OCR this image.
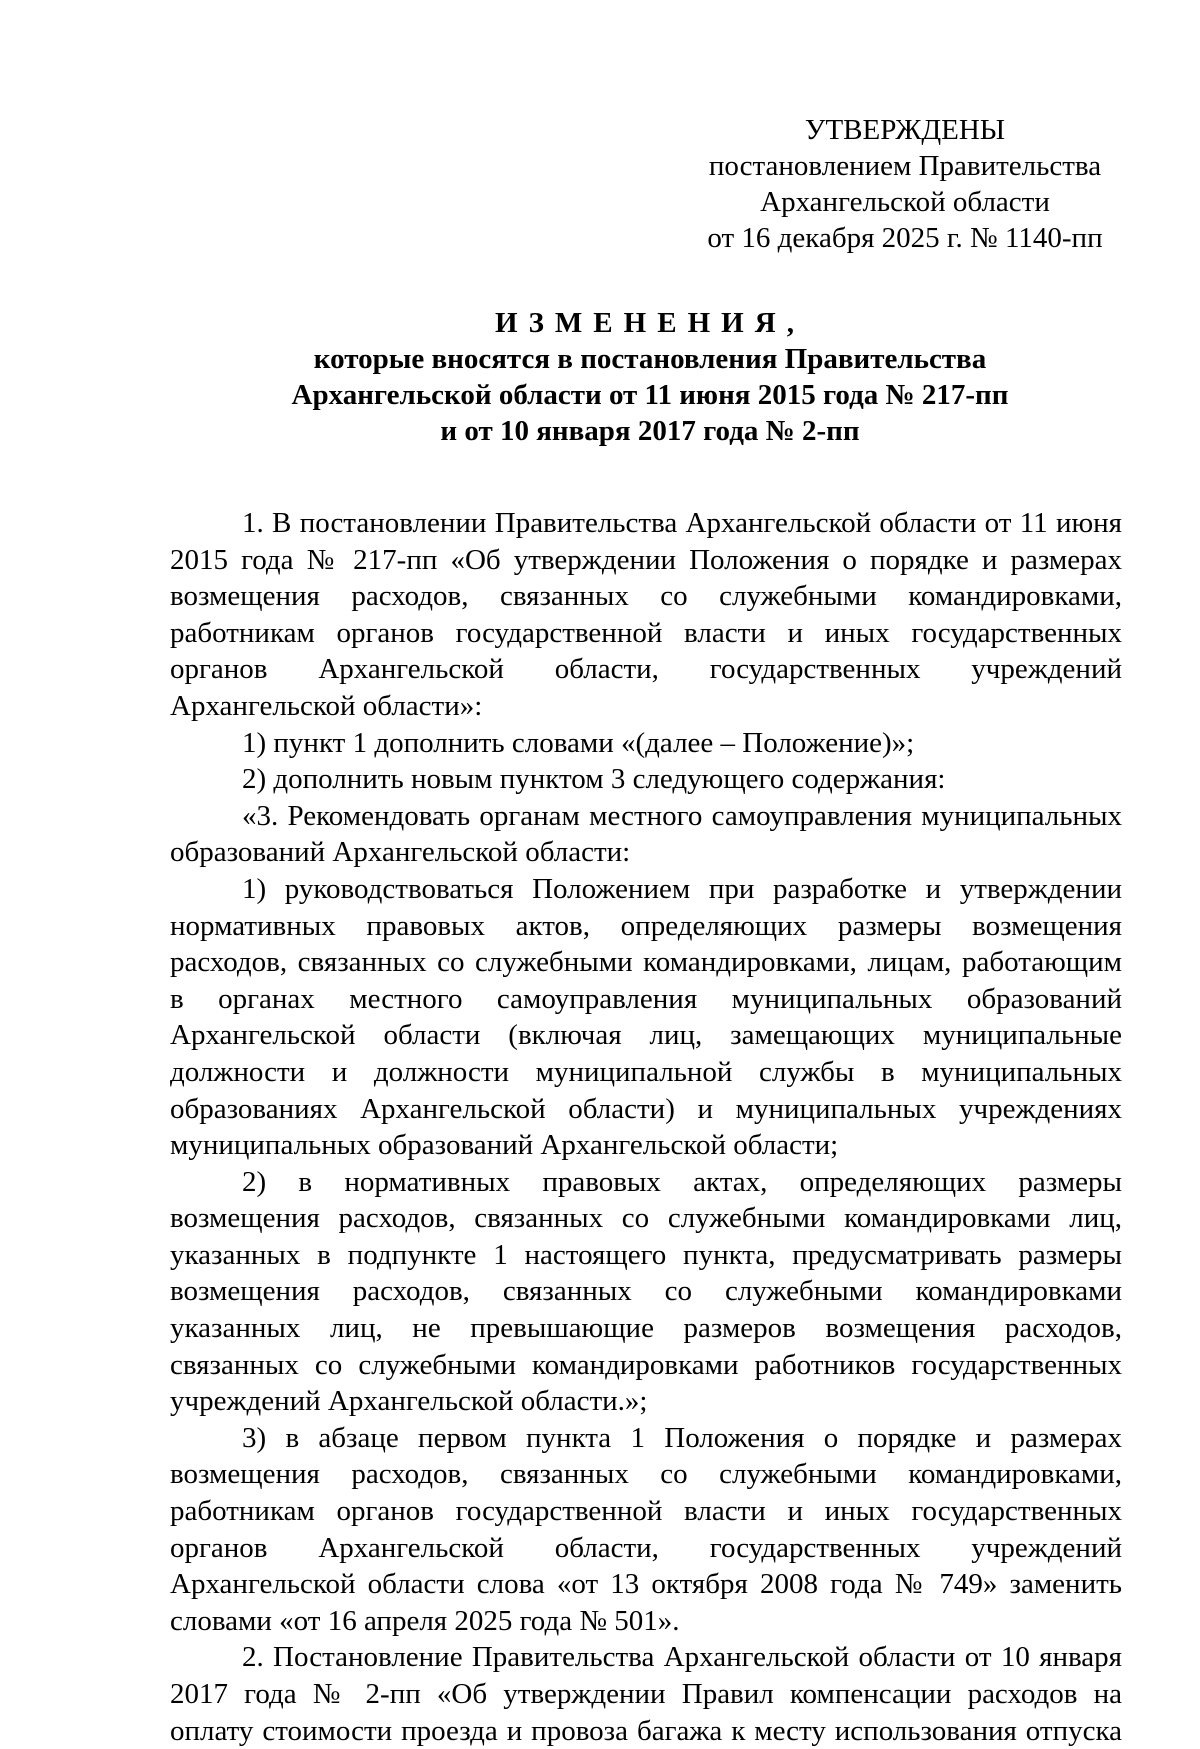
УТВЕРЖДЕНЫ
постановлением Правительства
Архангельской области
от 16 декабря 2025 г. № 1140-пп
ИЗМЕНЕНИЯ,
которые вносятся в постановления Правительства
Архангельской области от 11 июня 2015 года № 217-пп
и от 10 января 2017 года № 2-пп

1. В постановлении Правительства Архангельской области от 11 июня 2015 года № 217-пп «Об утверждении Положения о порядке и размерах возмещения расходов, связанных со служебными командировками, работникам органов государственной власти и иных государственных органов Архангельской области, государственных учреждений Архангельской области»:

1) пункт 1 дополнить словами «(далее – Положение)»;

2) дополнить новым пунктом 3 следующего содержания:

«3. Рекомендовать органам местного самоуправления муниципальных образований Архангельской области:

1) руководствоваться Положением при разработке и утверждении нормативных правовых актов, определяющих размеры возмещения расходов, связанных со служебными командировками, лицам, работающим в органах местного самоуправления муниципальных образований Архангельской области (включая лиц, замещающих муниципальные должности и должности муниципальной службы в муниципальных образованиях Архангельской области) и муниципальных учреждениях муниципальных образований Архангельской области;

2) в нормативных правовых актах, определяющих размеры возмещения расходов, связанных со служебными командировками лиц, указанных в подпункте 1 настоящего пункта, предусматривать размеры возмещения расходов, связанных со служебными командировками указанных лиц, не превышающие размеров возмещения расходов, связанных со служебными командировками работников государственных учреждений Архангельской области.»;

3) в абзаце первом пункта 1 Положения о порядке и размерах возмещения расходов, связанных со служебными командировками, работникам органов государственной власти и иных государственных органов Архангельской области, государственных учреждений Архангельской области слова «от 13 октября 2008 года № 749» заменить словами «от 16 апреля 2025 года № 501».

2. Постановление Правительства Архангельской области от 10 января 2017 года № 2-пп «Об утверждении Правил компенсации расходов на оплату стоимости проезда и провоза багажа к месту использования отпуска
